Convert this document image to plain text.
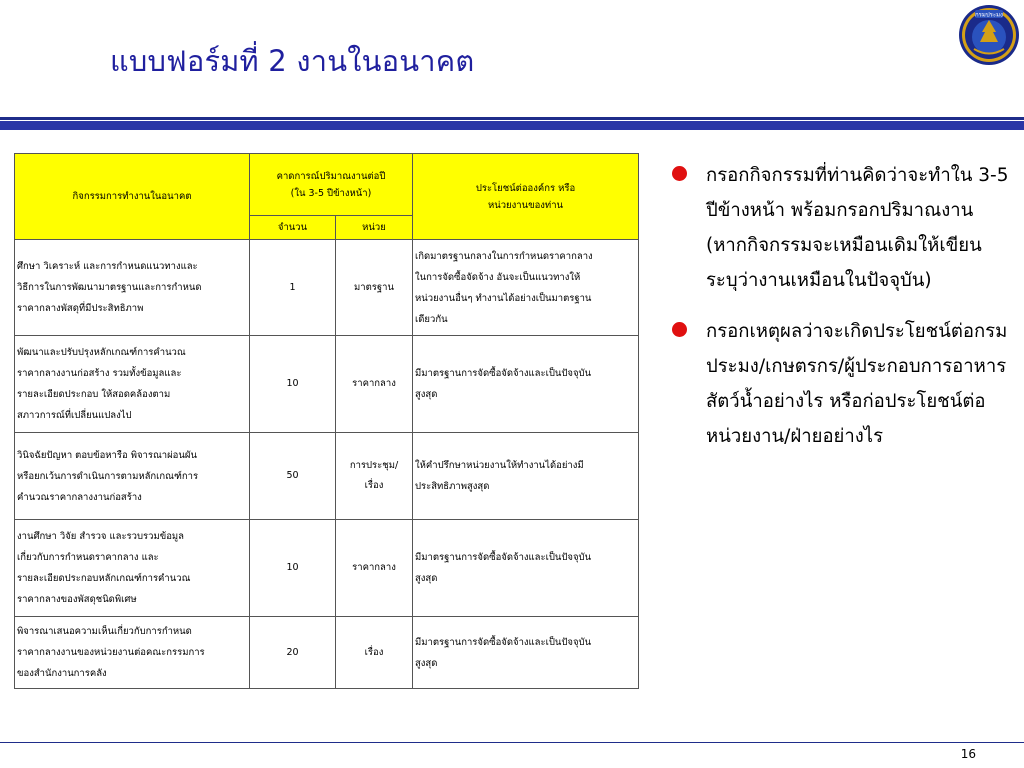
แบบฟอร์มที่ 2 งานในอนาคต
กรมประมง
กิจกรรมการทำงานในอนาคต	คาดการณ์ปริมาณงานต่อปี
(ใน 3-5 ปีข้างหน้า)		ประโยชน์ต่อองค์กร หรือ
หน่วยงานของท่าน

	จำนวน	หน่วย	

ศึกษา วิเคราะห์ และการกำหนดแนวทางและ
วิธีการในการพัฒนามาตรฐานและการกำหนด
ราคากลางพัสดุที่มีประสิทธิภาพ	1	มาตรฐาน	เกิดมาตรฐานกลางในการกำหนดราคากลาง
ในการจัดซื้อจัดจ้าง อันจะเป็นแนวทางให้
หน่วยงานอื่นๆ ทำงานได้อย่างเป็นมาตรฐาน
เดียวกัน

พัฒนาและปรับปรุงหลักเกณฑ์การคำนวณ
ราคากลางงานก่อสร้าง รวมทั้งข้อมูลและ
รายละเอียดประกอบ ให้สอดคล้องตาม
สภาวการณ์ที่เปลี่ยนแปลงไป	10	ราคากลาง	มีมาตรฐานการจัดซื้อจัดจ้างและเป็นปัจจุบัน
สูงสุด

วินิจฉัยปัญหา ตอบข้อหารือ พิจารณาผ่อนผัน
หรือยกเว้นการดำเนินการตามหลักเกณฑ์การ
คำนวณราคากลางงานก่อสร้าง	50	การประชุม/
เรื่อง	ให้คำปรึกษาหน่วยงานให้ทำงานได้อย่างมี
ประสิทธิภาพสูงสุด

งานศึกษา วิจัย สำรวจ และรวบรวมข้อมูล
เกี่ยวกับการกำหนดราคากลาง และ
รายละเอียดประกอบหลักเกณฑ์การคำนวณ
ราคากลางของพัสดุชนิดพิเศษ	10	ราคากลาง	มีมาตรฐานการจัดซื้อจัดจ้างและเป็นปัจจุบัน
สูงสุด

พิจารณาเสนอความเห็นเกี่ยวกับการกำหนด
ราคากลางงานของหน่วยงานต่อคณะกรรมการ
ของสำนักงานการคลัง	20	เรื่อง	มีมาตรฐานการจัดซื้อจัดจ้างและเป็นปัจจุบัน
สูงสุด
กรอกกิจกรรมที่ท่านคิดว่าจะทำใน 3-5 ปีข้างหน้า พร้อมกรอกปริมาณงาน (หากกิจกรรมจะเหมือนเดิมให้เขียนระบุว่างานเหมือนในปัจจุบัน)
กรอกเหตุผลว่าจะเกิดประโยชน์ต่อกรมประมง/เกษตรกร/ผู้ประกอบการอาหารสัตว์น้ำอย่างไร หรือก่อประโยชน์ต่อหน่วยงาน/ฝ่ายอย่างไร
16
